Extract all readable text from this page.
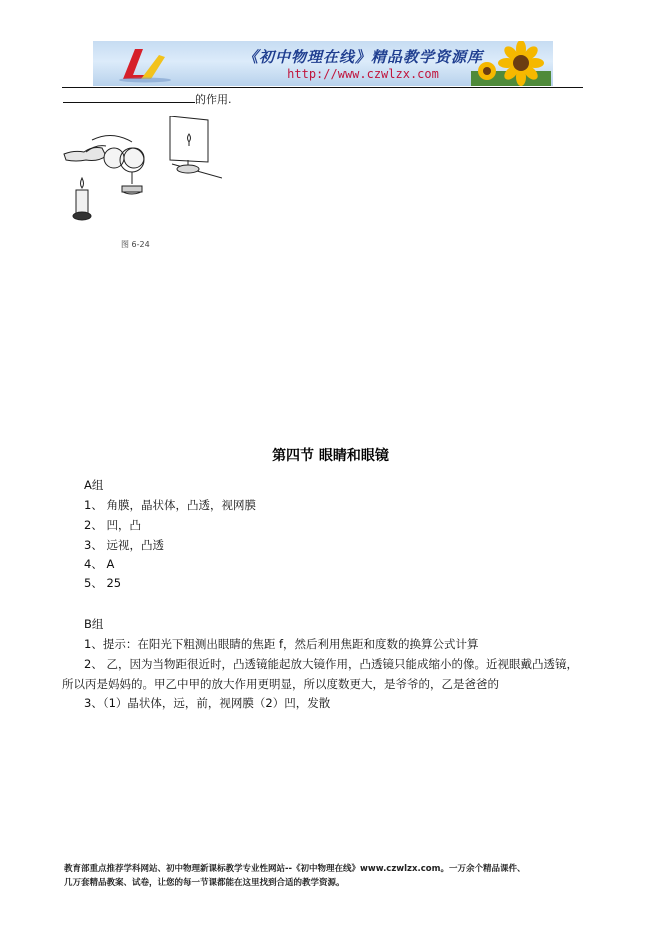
《初中物理在线》精品教学资源库
http://www.czwlzx.com
的作用.
图 6-24
第四节 眼睛和眼镜
A组
1、 角膜，晶状体，凸透，视网膜
2、 凹，凸
3、 远视，凸透
4、 A
5、 25
B组
1、提示：在阳光下粗测出眼睛的焦距 f，然后利用焦距和度数的换算公式计算
2、 乙，因为当物距很近时，凸透镜能起放大镜作用，凸透镜只能成缩小的像。近视眼戴凸透镜，
所以丙是妈妈的。甲乙中甲的放大作用更明显，所以度数更大，是爷爷的，乙是爸爸的
3、（1）晶状体，远，前，视网膜（2）凹，发散
教育部重点推荐学科网站、初中物理新课标教学专业性网站--《初中物理在线》www.czwlzx.com。一万余个精品课件、
几万套精品教案、试卷，让您的每一节课都能在这里找到合适的教学资源。
